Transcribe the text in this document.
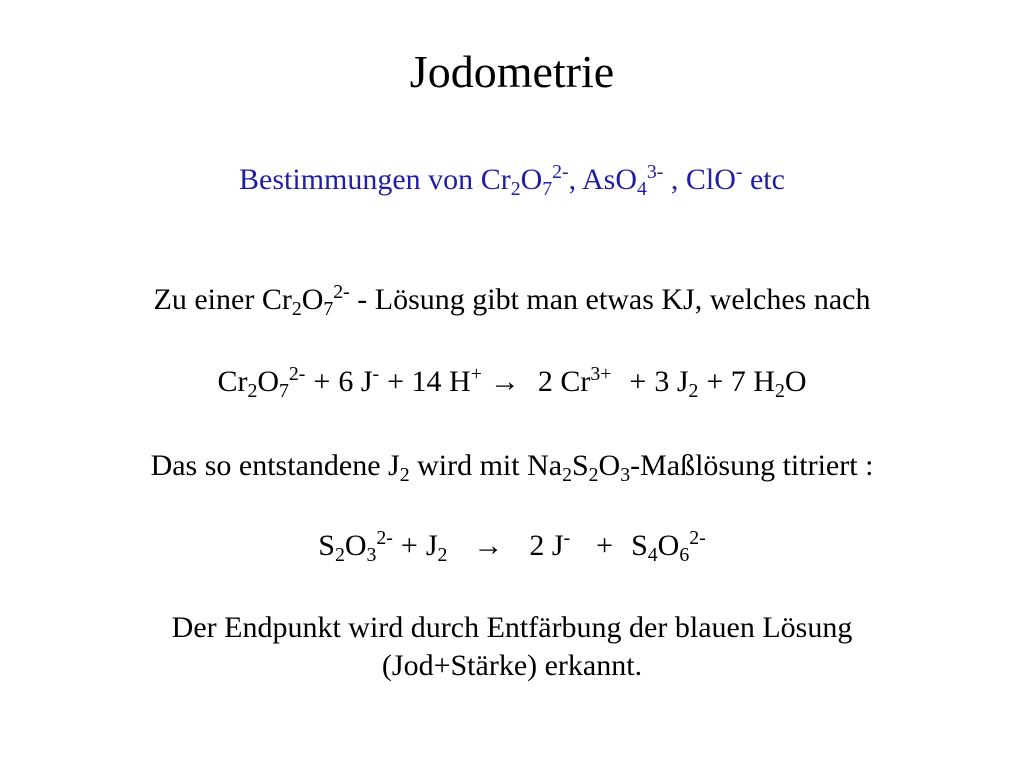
Jodometrie
Bestimmungen von $Cr_2O_7^{2-}$, AsO$_4^{3-}$ , ClO- etc
Zu einer $Cr_2O_7^{2-}$ - Lösung gibt man etwas KJ, welches nach
$Cr_2O_7^{2-} + 6$ J- + 14 H+ → 2 $Cr^{3+} + 3$ $J_2 + 7$ $H_2O$
Das so entstandene $J_2$ wird mit $Na_2S_2O_3$-Maßlösung titriert :
$S_2O_3^{2-} + J_2 \to 2$ $J^- + S_4O_6^{2-}$
Der Endpunkt wird durch Entfärbung der blauen Lösung
(Jod+Stärke) erkannt.
